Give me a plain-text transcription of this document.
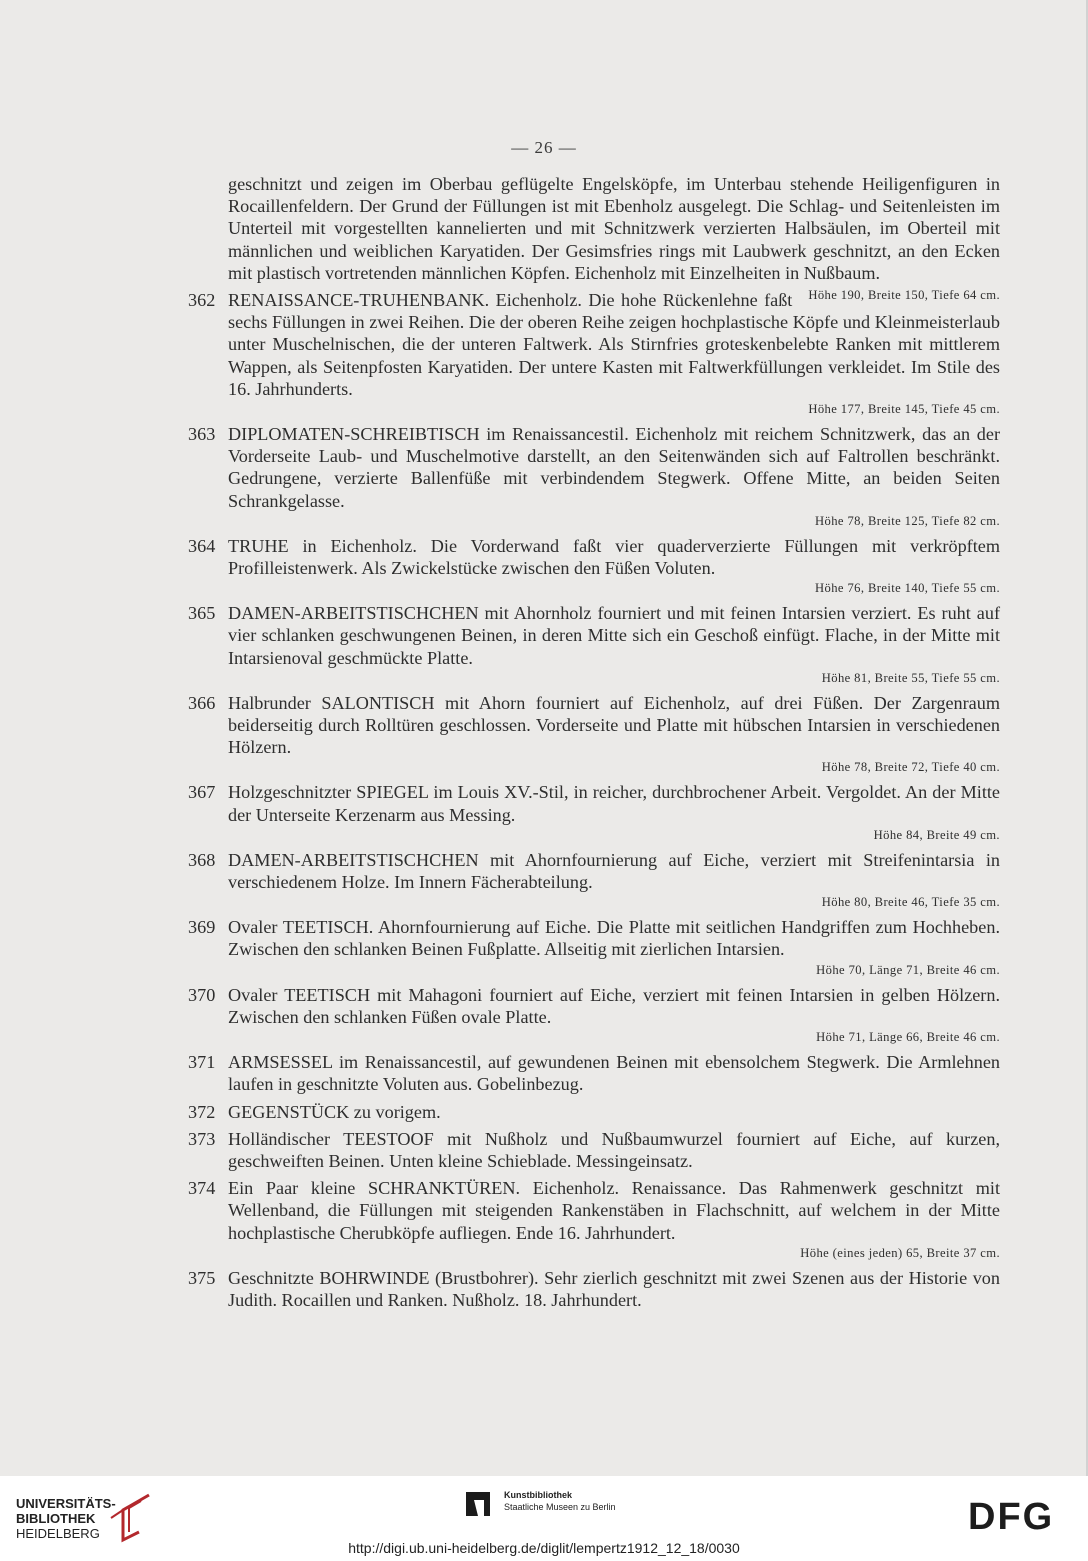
— 26 —
geschnitzt und zeigen im Oberbau geflügelte Engelsköpfe, im Unterbau stehende Heiligenfiguren in Rocaillenfeldern. Der Grund der Füllungen ist mit Ebenholz ausgelegt. Die Schlag- und Seitenleisten im Unterteil mit vorgestellten kannelierten und mit Schnitzwerk verzierten Halbsäulen, im Oberteil mit männlichen und weiblichen Karyatiden. Der Gesimsfries rings mit Laubwerk geschnitzt, an den Ecken mit plastisch vortretenden männlichen Köpfen. Eichenholz mit Einzelheiten in Nußbaum.
Höhe 190, Breite 150, Tiefe 64 cm.
362 RENAISSANCE-TRUHENBANK. Eichenholz. Die hohe Rückenlehne faßt sechs Füllungen in zwei Reihen. Die der oberen Reihe zeigen hochplastische Köpfe und Kleinmeisterlaub unter Muschelnischen, die der unteren Faltwerk. Als Stirnfries groteskenbelebte Ranken mit mittlerem Wappen, als Seitenpfosten Karyatiden. Der untere Kasten mit Faltwerkfüllungen verkleidet. Im Stile des 16. Jahrhunderts.
Höhe 177, Breite 145, Tiefe 45 cm.
363 DIPLOMATEN-SCHREIBTISCH im Renaissancestil. Eichenholz mit reichem Schnitzwerk, das an der Vorderseite Laub- und Muschelmotive darstellt, an den Seitenwänden sich auf Faltrollen beschränkt. Gedrungene, verzierte Ballenfüße mit verbindendem Stegwerk. Offene Mitte, an beiden Seiten Schrankgelasse.
Höhe 78, Breite 125, Tiefe 82 cm.
364 TRUHE in Eichenholz. Die Vorderwand faßt vier quaderverzierte Füllungen mit verkröpftem Profilleistenwerk. Als Zwickelstücke zwischen den Füßen Voluten.
Höhe 76, Breite 140, Tiefe 55 cm.
365 DAMEN-ARBEITSTISCHCHEN mit Ahornholz fourniert und mit feinen Intarsien verziert. Es ruht auf vier schlanken geschwungenen Beinen, in deren Mitte sich ein Geschoß einfügt. Flache, in der Mitte mit Intarsienoval geschmückte Platte.
Höhe 81, Breite 55, Tiefe 55 cm.
366 Halbrunder SALONTISCH mit Ahorn fourniert auf Eichenholz, auf drei Füßen. Der Zargenraum beiderseitig durch Rolltüren geschlossen. Vorderseite und Platte mit hübschen Intarsien in verschiedenen Hölzern.
Höhe 78, Breite 72, Tiefe 40 cm.
367 Holzgeschnitzter SPIEGEL im Louis XV.-Stil, in reicher, durchbrochener Arbeit. Vergoldet. An der Mitte der Unterseite Kerzenarm aus Messing.
Höhe 84, Breite 49 cm.
368 DAMEN-ARBEITSTISCHCHEN mit Ahornfournierung auf Eiche, verziert mit Streifenintarsia in verschiedenem Holze. Im Innern Fächerabteilung.
Höhe 80, Breite 46, Tiefe 35 cm.
369 Ovaler TEETISCH. Ahornfournierung auf Eiche. Die Platte mit seitlichen Handgriffen zum Hochheben. Zwischen den schlanken Beinen Fußplatte. Allseitig mit zierlichen Intarsien.
Höhe 70, Länge 71, Breite 46 cm.
370 Ovaler TEETISCH mit Mahagoni fourniert auf Eiche, verziert mit feinen Intarsien in gelben Hölzern. Zwischen den schlanken Füßen ovale Platte.
Höhe 71, Länge 66, Breite 46 cm.
371 ARMSESSEL im Renaissancestil, auf gewundenen Beinen mit ebensolchem Stegwerk. Die Armlehnen laufen in geschnitzte Voluten aus. Gobelinbezug.
372 GEGENSTÜCK zu vorigem.
373 Holländischer TEESTOOF mit Nußholz und Nußbaumwurzel fourniert auf Eiche, auf kurzen, geschweiften Beinen. Unten kleine Schieblade. Messingeinsatz.
374 Ein Paar kleine SCHRANKTÜREN. Eichenholz. Renaissance. Das Rahmenwerk geschnitzt mit Wellenband, die Füllungen mit steigenden Rankenstäben in Flachschnitt, auf welchem in der Mitte hochplastische Cherubköpfe aufliegen. Ende 16. Jahrhundert.
Höhe (eines jeden) 65, Breite 37 cm.
375 Geschnitzte BOHRWINDE (Brustbohrer). Sehr zierlich geschnitzt mit zwei Szenen aus der Historie von Judith. Rocaillen und Ranken. Nußholz. 18. Jahrhundert.
UNIVERSITÄTS-
BIBLIOTHEK
HEIDELBERG
Kunstbibliothek
Staatliche Museen zu Berlin	DFG
http://digi.ub.uni-heidelberg.de/diglit/lempertz1912_12_18/0030
